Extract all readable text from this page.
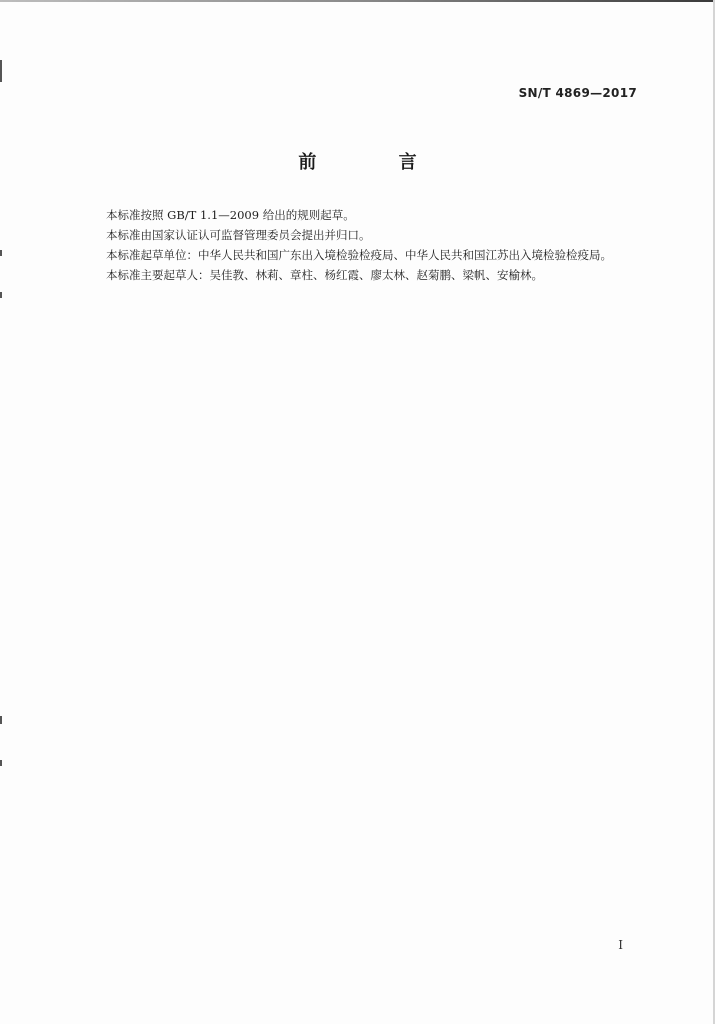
SN/T 4869—2017
前 言

本标准按照 GB/T 1.1—2009 给出的规则起草。

本标准由国家认证认可监督管理委员会提出并归口。

本标准起草单位：中华人民共和国广东出入境检验检疫局、中华人民共和国江苏出入境检验检疫局。

本标准主要起草人：吴佳教、林莉、章柱、杨红霞、廖太林、赵菊鹏、梁帆、安榆林。

I
